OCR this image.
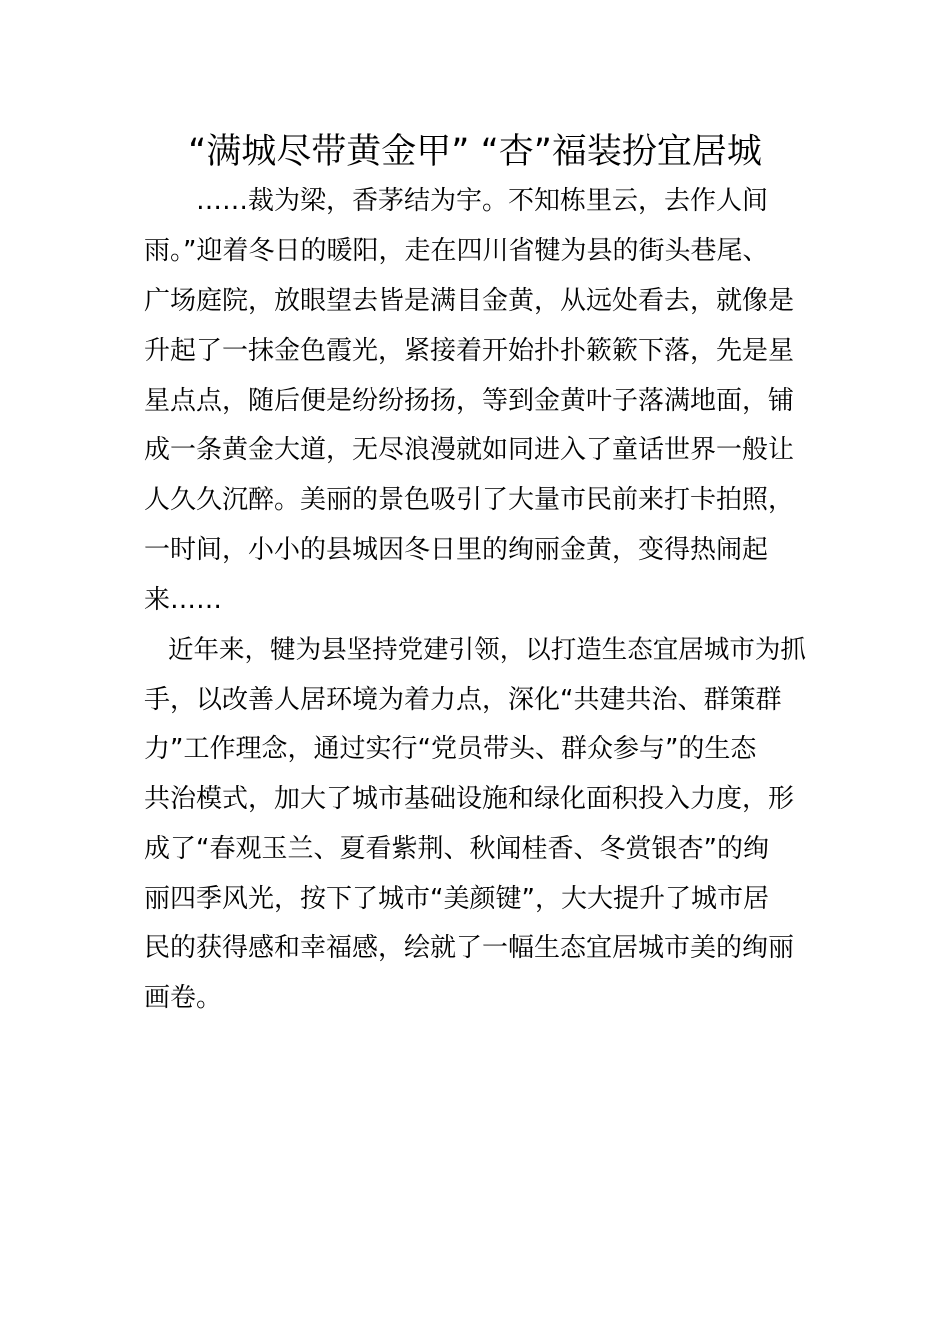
“满城尽带黄金甲” “杏”福装扮宜居城
……裁为梁，香茅结为宇。不知栋里云，去作人间
雨。”迎着冬日的暖阳，走在四川省犍为县的街头巷尾、
广场庭院，放眼望去皆是满目金黄，从远处看去，就像是
升起了一抹金色霞光，紧接着开始扑扑簌簌下落，先是星
星点点，随后便是纷纷扬扬，等到金黄叶子落满地面，铺
成一条黄金大道，无尽浪漫就如同进入了童话世界一般让
人久久沉醉。美丽的景色吸引了大量市民前来打卡拍照，
一时间，小小的县城因冬日里的绚丽金黄，变得热闹起
来……
近年来，犍为县坚持党建引领，以打造生态宜居城市为抓
手，以改善人居环境为着力点，深化“共建共治、群策群
力”工作理念，通过实行“党员带头、群众参与”的生态
共治模式，加大了城市基础设施和绿化面积投入力度，形
成了“春观玉兰、夏看紫荆、秋闻桂香、冬赏银杏”的绚
丽四季风光，按下了城市“美颜键”，大大提升了城市居
民的获得感和幸福感，绘就了一幅生态宜居城市美的绚丽
画卷。
